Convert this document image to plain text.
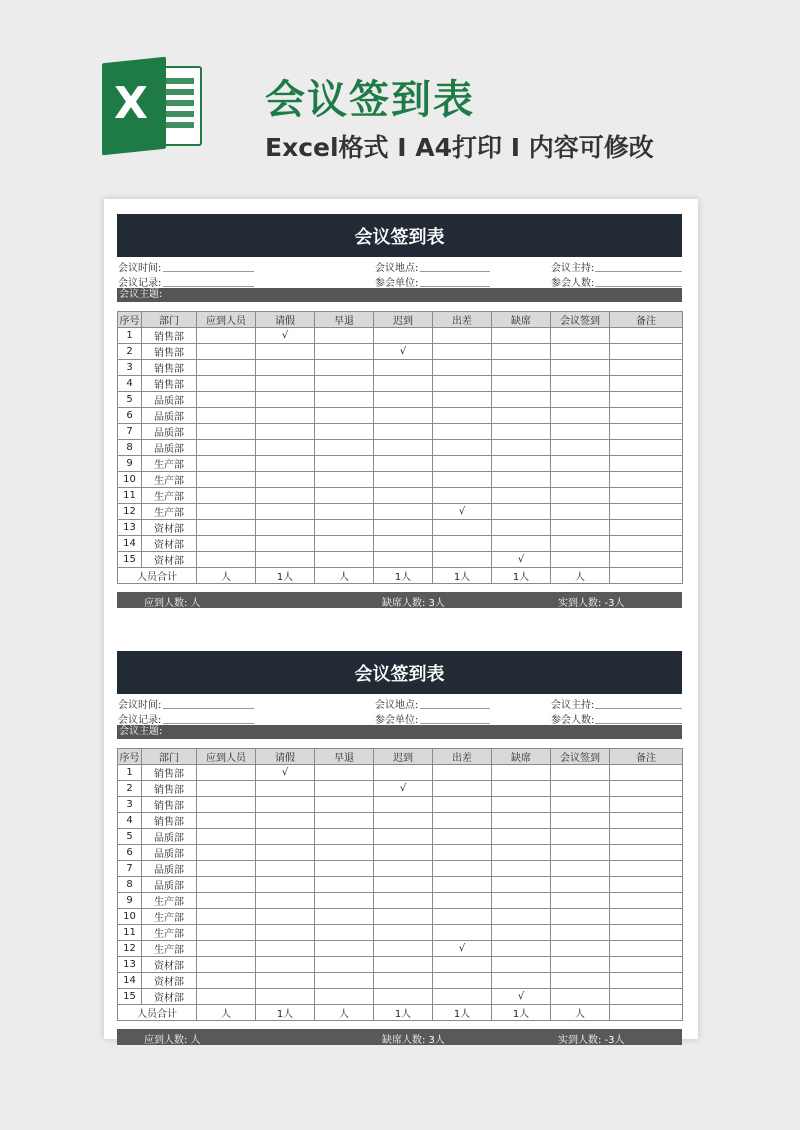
X	会议签到表
Excel格式 I A4打印 I 内容可修改
会议签到表
会议时间:	会议地点:	会议主持:
会议记录:	参会单位:	参会人数:
会议主题:
序号	部门	应到人员	请假	早退	迟到	出差	缺席	会议签到	备注
1	销售部		√						
2	销售部				√				
3	销售部								
4	销售部								
5	品质部								
6	品质部								
7	品质部								
8	品质部								
9	生产部								
10	生产部								
11	生产部								
12	生产部					√			
13	资材部								
14	资材部								
15	资材部						√		
人员合计		人	1人	人	1人	1人	1人	人	
应到人数: 人	缺席人数: 3人	实到人数: -3人
会议签到表
会议时间:	会议地点:	会议主持:
会议记录:	参会单位:	参会人数:
会议主题:
序号	部门	应到人员	请假	早退	迟到	出差	缺席	会议签到	备注
1	销售部		√						
2	销售部				√				
3	销售部								
4	销售部								
5	品质部								
6	品质部								
7	品质部								
8	品质部								
9	生产部								
10	生产部								
11	生产部								
12	生产部					√			
13	资材部								
14	资材部								
15	资材部						√		
人员合计		人	1人	人	1人	1人	1人	人	
应到人数: 人	缺席人数: 3人	实到人数: -3人
